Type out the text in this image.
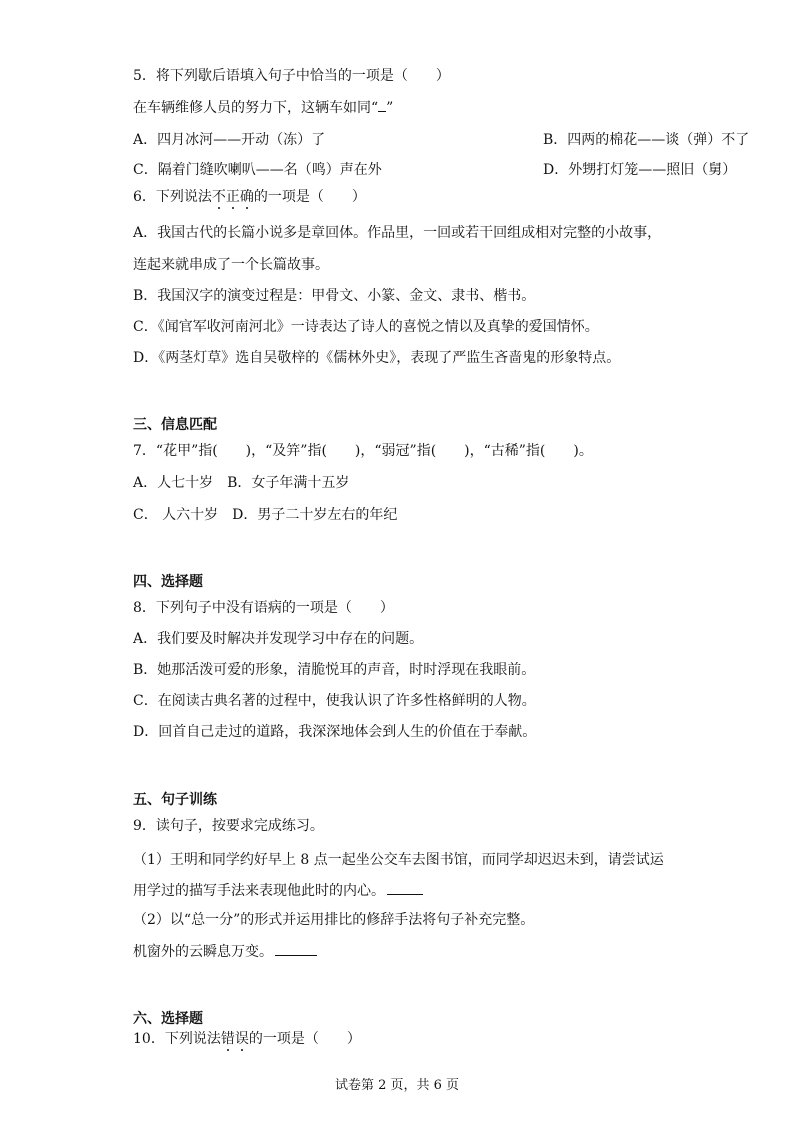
5．将下列歇后语填入句子中恰当的一项是（　　）
在车辆维修人员的努力下，这辆车如同“ ”
A．四月冰河——开动（冻）了	B．四两的棉花——谈（弹）不了
C．隔着门缝吹喇叭——名（鸣）声在外	D．外甥打灯笼——照旧（舅）
6．下列说法不正确的一项是（　　）
A．我国古代的长篇小说多是章回体。作品里，一回或若干回组成相对完整的小故事，
连起来就串成了一个长篇故事。
B．我国汉字的演变过程是：甲骨文、小篆、金文、隶书、楷书。
C．《闻官军收河南河北》一诗表达了诗人的喜悦之情以及真挚的爱国情怀。
D．《两茎灯草》选自吴敬梓的《儒林外史》，表现了严监生吝啬鬼的形象特点。
三、信息匹配
7．“花甲”指(　　)，“及笄”指(　　)，“弱冠”指(　　)，“古稀”指(　　)。
A．人七十岁　B．女子年满十五岁
C． 人六十岁　D．男子二十岁左右的年纪
四、选择题
8．下列句子中没有语病的一项是（　　）
A．我们要及时解决并发现学习中存在的问题。
B．她那活泼可爱的形象，清脆悦耳的声音，时时浮现在我眼前。
C．在阅读古典名著的过程中，使我认识了许多性格鲜明的人物。
D．回首自己走过的道路，我深深地体会到人生的价值在于奉献。
五、句子训练
9．读句子，按要求完成练习。
（1）王明和同学约好早上 8 点一起坐公交车去图书馆，而同学却迟迟未到，请尝试运
用学过的描写手法来表现他此时的内心。
（2）以“总一分”的形式并运用排比的修辞手法将句子补充完整。
机窗外的云瞬息万变。
六、选择题
10．下列说法错误的一项是（　　）
试卷第 2 页，共 6 页
